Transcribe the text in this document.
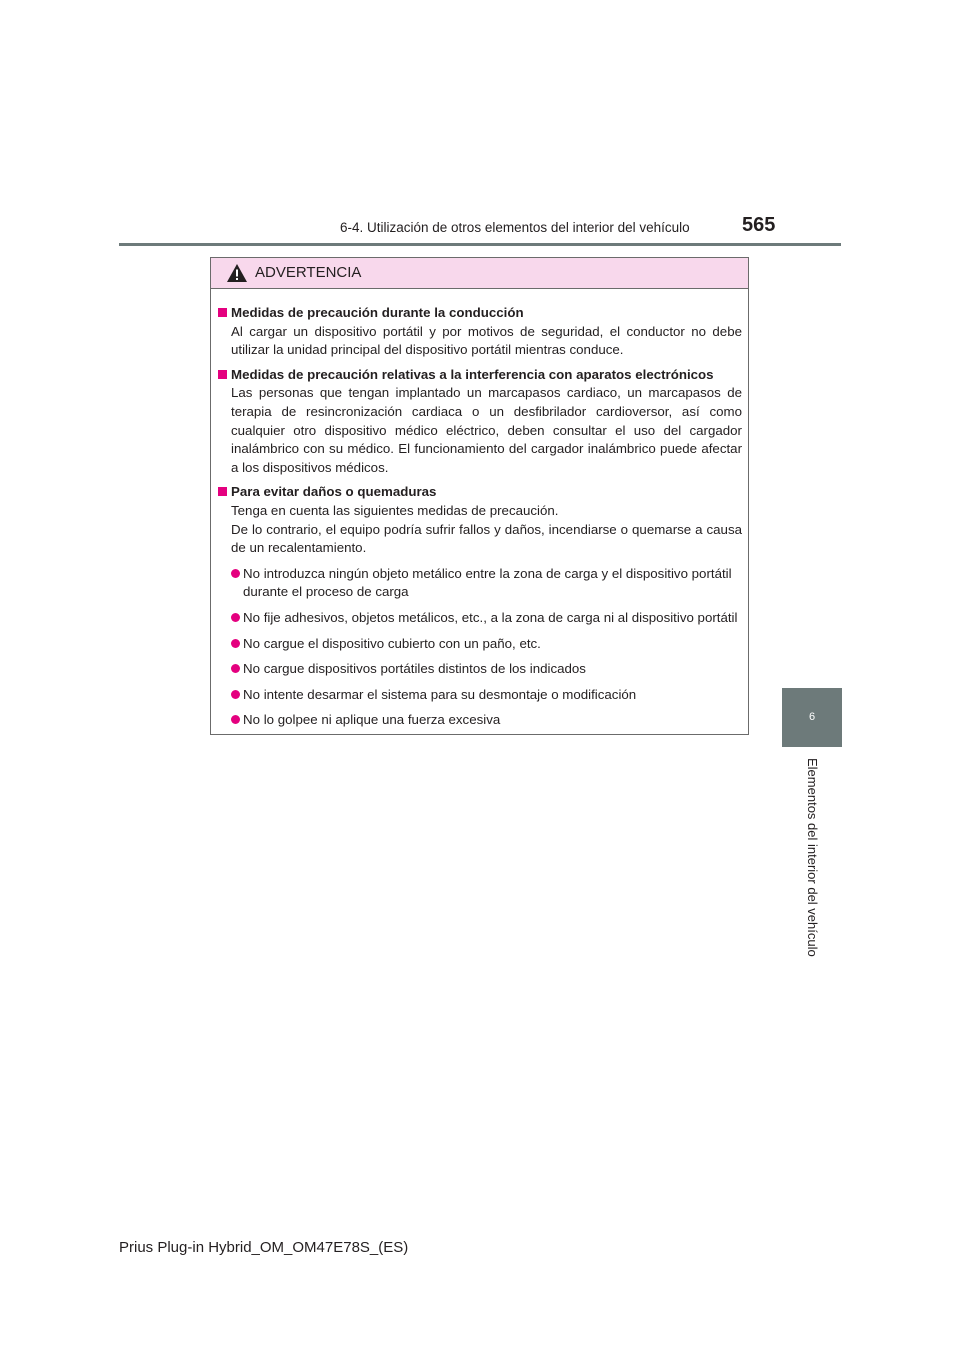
6-4. Utilización de otros elementos del interior del vehículo	565
6
Elementos del interior del vehículo
ADVERTENCIA
Medidas de precaución durante la conducción
Al cargar un dispositivo portátil y por motivos de seguridad, el conductor no debe utilizar la unidad principal del dispositivo portátil mientras conduce.
Medidas de precaución relativas a la interferencia con aparatos electrónicos
Las personas que tengan implantado un marcapasos cardiaco, un marcapasos de terapia de resincronización cardiaca o un desfibrilador cardioversor, así como cualquier otro dispositivo médico eléctrico, deben consultar el uso del cargador inalámbrico con su médico. El funcionamiento del cargador inalámbrico puede afectar a los dispositivos médicos.
Para evitar daños o quemaduras
Tenga en cuenta las siguientes medidas de precaución.
De lo contrario, el equipo podría sufrir fallos y daños, incendiarse o quemarse a causa de un recalentamiento.
No introduzca ningún objeto metálico entre la zona de carga y el dispositivo portátil durante el proceso de carga
No fije adhesivos, objetos metálicos, etc., a la zona de carga ni al dispositivo portátil
No cargue el dispositivo cubierto con un paño, etc.
No cargue dispositivos portátiles distintos de los indicados
No intente desarmar el sistema para su desmontaje o modificación
No lo golpee ni aplique una fuerza excesiva
Prius Plug-in Hybrid_OM_OM47E78S_(ES)
